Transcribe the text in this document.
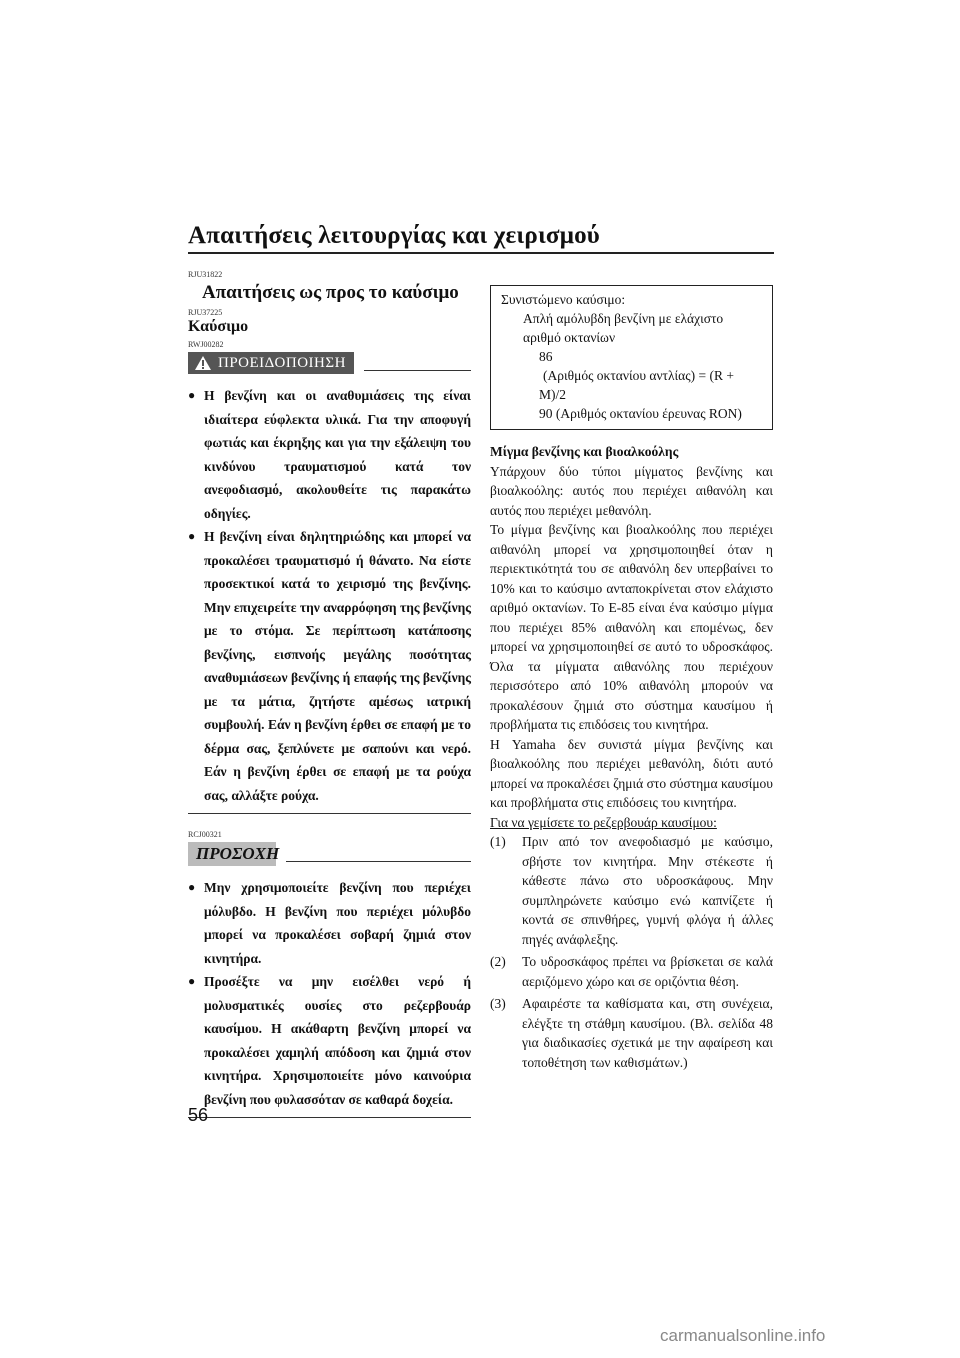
Απαιτήσεις λειτουργίας και χειρισμού

RJU31822

Απαιτήσεις ως προς το καύσιμο

RJU37225

Καύσιμο

RWJ00282

ΠΡΟΕΙΔΟΠΟΙΗΣΗ
● Η βενζίνη και οι αναθυμιάσεις της είναι ιδιαίτερα εύφλεκτα υλικά. Για την αποφυγή φωτιάς και έκρηξης και για την εξάλειψη του κινδύνου τραυματισμού κατά τον ανεφοδιασμό, ακολουθείτε τις παρακάτω οδηγίες.
● Η βενζίνη είναι δηλητηριώδης και μπορεί να προκαλέσει τραυματισμό ή θάνατο. Να είστε προσεκτικοί κατά το χειρισμό της βενζίνης. Μην επιχειρείτε την αναρρόφηση της βενζίνης με το στόμα. Σε περίπτωση κατάποσης βενζίνης, εισπνοής μεγάλης ποσότητας αναθυμιάσεων βενζίνης ή επαφής της βενζίνης με τα μάτια, ζητήστε αμέσως ιατρική συμβουλή. Εάν η βενζίνη έρθει σε επαφή με το δέρμα σας, ξεπλύνετε με σαπούνι και νερό. Εάν η βενζίνη έρθει σε επαφή με τα ρούχα σας, αλλάξτε ρούχα.

RCJ00321

ΠΡΟΣΟΧΗ
● Μην χρησιμοποιείτε βενζίνη που περιέχει μόλυβδο. Η βενζίνη που περιέχει μόλυβδο μπορεί να προκαλέσει σοβαρή ζημιά στον κινητήρα.
● Προσέξτε να μην εισέλθει νερό ή μολυσματικές ουσίες στο ρεζερβουάρ καυσίμου. Η ακάθαρτη βενζίνη μπορεί να προκαλέσει χαμηλή απόδοση και ζημιά στον κινητήρα. Χρησιμοποιείτε μόνο καινούρια βενζίνη που φυλασσόταν σε καθαρά δοχεία.
Συνιστώμενο καύσιμο:
Απλή αμόλυβδη βενζίνη με ελάχιστο
αριθμό οκτανίων
86
(Αριθμός οκτανίου αντλίας) = (R +
M)/2
90 (Αριθμός οκτανίου έρευνας RON)

Μίγμα βενζίνης και βιοαλκοόλης

Υπάρχουν δύο τύποι μίγματος βενζίνης και βιοαλκοόλης: αυτός που περιέχει αιθανόλη και αυτός που περιέχει μεθανόλη.

Το μίγμα βενζίνης και βιοαλκοόλης που περιέχει αιθανόλη μπορεί να χρησιμοποιηθεί όταν η περιεκτικότητά του σε αιθανόλη δεν υπερβαίνει το 10% και το καύσιμο ανταποκρίνεται στον ελάχιστο αριθμό οκτανίων. Το E-85 είναι ένα καύσιμο μίγμα που περιέχει 85% αιθανόλη και επομένως, δεν μπορεί να χρησιμοποιηθεί σε αυτό το υδροσκάφος. Όλα τα μίγματα αιθανόλης που περιέχουν περισσότερο από 10% αιθανόλη μπορούν να προκαλέσουν ζημιά στο σύστημα καυσίμου ή προβλήματα τις επιδόσεις του κινητήρα.

Η Yamaha δεν συνιστά μίγμα βενζίνης και βιοαλκοόλης που περιέχει μεθανόλη, διότι αυτό μπορεί να προκαλέσει ζημιά στο σύστημα καυσίμου και προβλήματα στις επιδόσεις του κινητήρα.

Για να γεμίσετε το ρεζερβουάρ καυσίμου:

(1) Πριν από τον ανεφοδιασμό με καύσιμο, σβήστε τον κινητήρα. Μην στέκεστε ή κάθεστε πάνω στο υδροσκάφους. Μην συμπληρώνετε καύσιμο ενώ καπνίζετε ή κοντά σε σπινθήρες, γυμνή φλόγα ή άλλες πηγές ανάφλεξης.
(2) Το υδροσκάφος πρέπει να βρίσκεται σε καλά αεριζόμενο χώρο και σε οριζόντια θέση.
(3) Αφαιρέστε τα καθίσματα και, στη συνέχεια, ελέγξτε τη στάθμη καυσίμου. (Βλ. σελίδα 48 για διαδικασίες σχετικά με την αφαίρεση και τοποθέτηση των καθισμάτων.)
56
carmanualsonline.info
